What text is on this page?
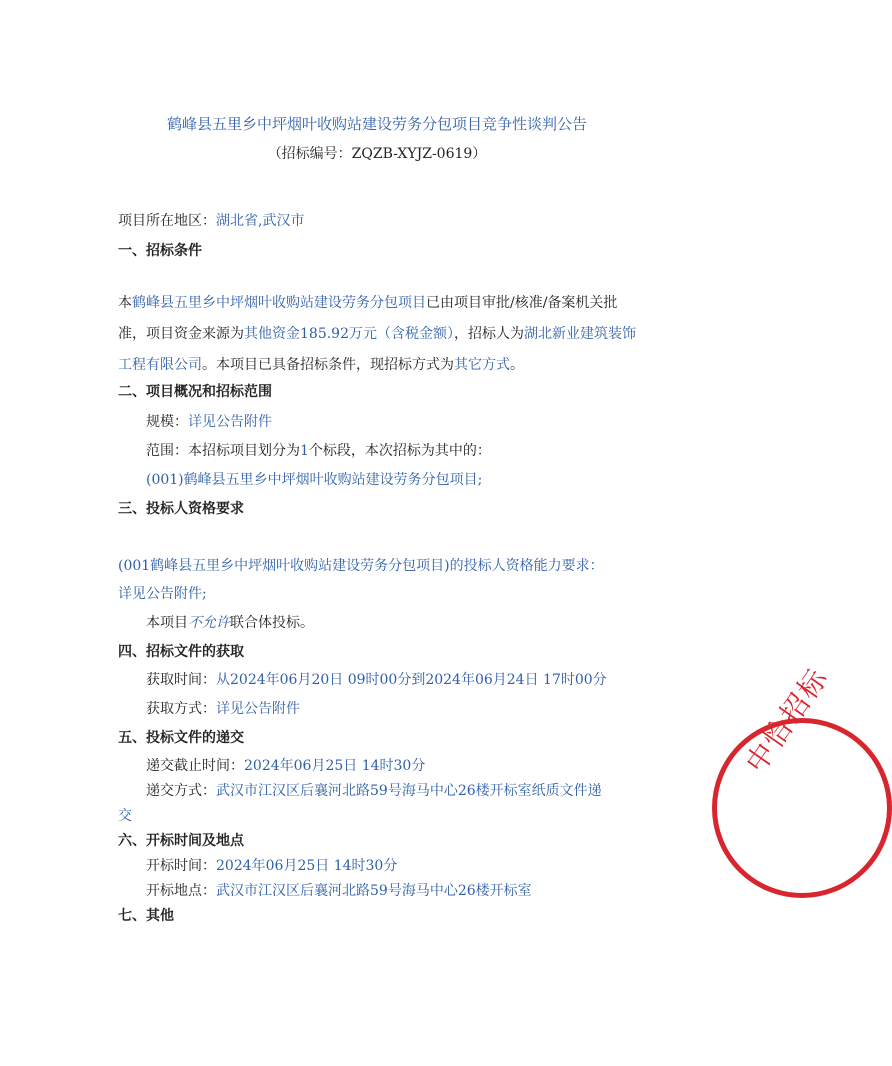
鹤峰县五里乡中坪烟叶收购站建设劳务分包项目竞争性谈判公告
（招标编号：ZQZB-XYJZ-0619）
项目所在地区：湖北省,武汉市
一、招标条件
本鹤峰县五里乡中坪烟叶收购站建设劳务分包项目已由项目审批/核准/备案机关批准，项目资金来源为其他资金185.92万元（含税金额），招标人为湖北新业建筑装饰工程有限公司。本项目已具备招标条件，现招标方式为其它方式。
二、项目概况和招标范围
规模：详见公告附件
范围：本招标项目划分为1个标段，本次招标为其中的：
(001)鹤峰县五里乡中坪烟叶收购站建设劳务分包项目;
三、投标人资格要求
(001鹤峰县五里乡中坪烟叶收购站建设劳务分包项目)的投标人资格能力要求：
详见公告附件;
本项目不允许联合体投标。
四、招标文件的获取
获取时间：从2024年06月20日 09时00分到2024年06月24日 17时00分
获取方式：详见公告附件
五、投标文件的递交
递交截止时间：2024年06月25日 14时30分
递交方式：武汉市江汉区后襄河北路59号海马中心26楼开标室纸质文件递
交
六、开标时间及地点
开标时间：2024年06月25日 14时30分
开标地点：武汉市江汉区后襄河北路59号海马中心26楼开标室
七、其他
中恰招标
